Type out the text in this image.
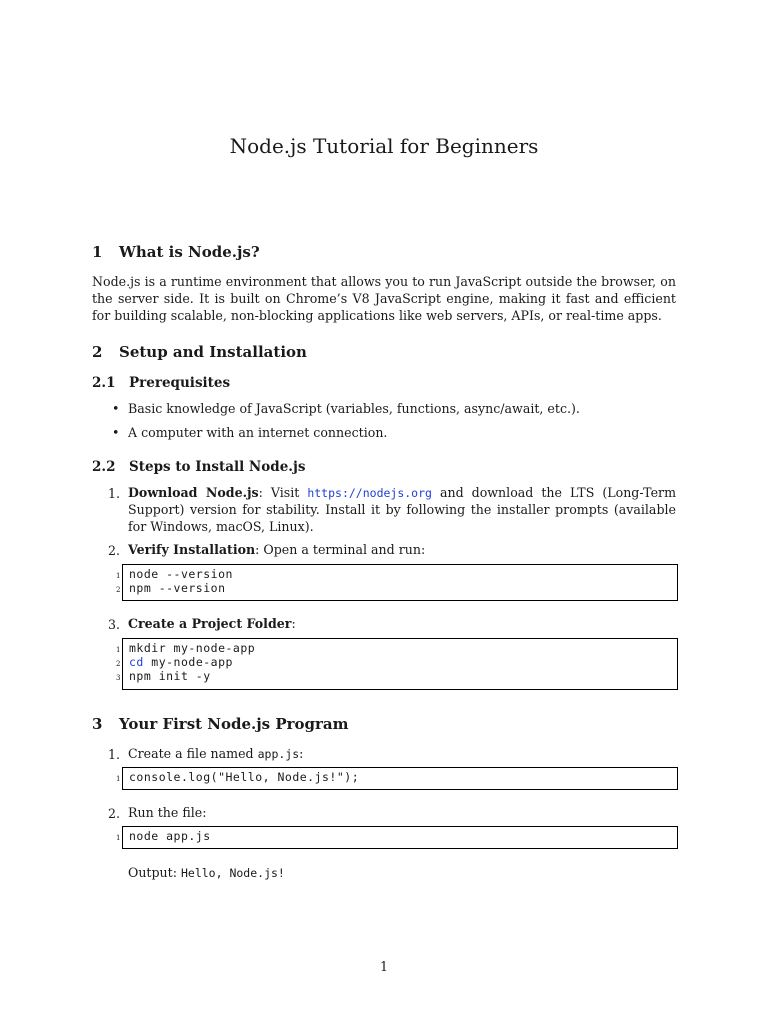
Node.js Tutorial for Beginners
1 What is Node.js?

Node.js is a runtime environment that allows you to run JavaScript outside the browser, on the server side. It is built on Chrome’s V8 JavaScript engine, making it fast and efficient for building scalable, non-blocking applications like web servers, APIs, or real-time apps.

2 Setup and Installation
2.1 Prerequisites
• Basic knowledge of JavaScript (variables, functions, async/await, etc.).
• A computer with an internet connection.
2.2 Steps to Install Node.js
1. Download Node.js: Visit https://nodejs.org and download the LTS (Long-Term Support) version for stability. Install it by following the installer prompts (available for Windows, macOS, Linux).

2. Verify Installation: Open a terminal and run:
1 node --version
2 npm --version
3. Create a Project Folder:
1 mkdir my-node-app
2 cd my-node-app
3 npm init -y
3 Your First Node.js Program
1. Create a file named app.js:
1 console.log("Hello, Node.js!");
2. Run the file:
1 node app.js
Output: Hello, Node.js!
1
